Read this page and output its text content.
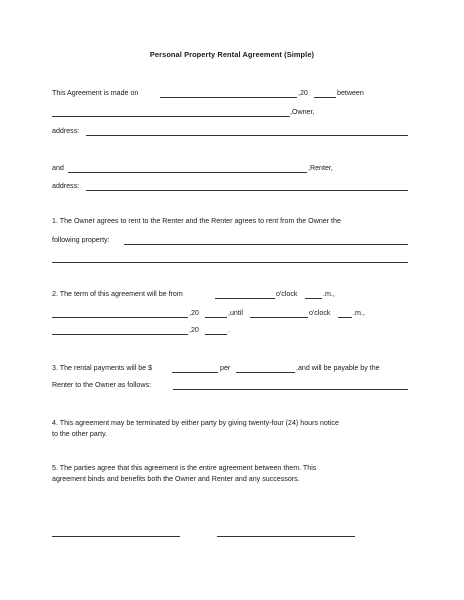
Personal Property Rental Agreement (Simple)
This Agreement is made on	,20	between
,Owner,
address:
and	,Renter,
address:
1. The Owner agrees to rent to the Renter and the Renter agrees to rent from the Owner the
following property:
2. The term of this agreement will be from	o'clock	.m.,
,20	,until	o'clock	.m.,
,20	.
3. The rental payments will be $	per	,and will be payable by the
Renter to the Owner as follows:
4. This agreement may be terminated by either party by giving twenty-four (24) hours notice
to the other party.
5. The parties agree that this agreement is the entire agreement between them. This
agreement binds and benefits both the Owner and Renter and any successors.
